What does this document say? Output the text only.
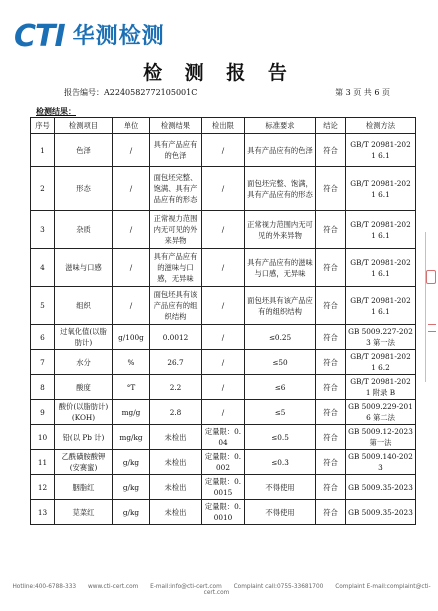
CTI 华测检测
检 测 报 告
报告编号：A2240582772105001C	第 3 页 共 6 页
检测结果：
序号	检测项目	单位	检测结果	检出限	标准要求	结论	检测方法
1	色泽	/	具有产品应有的色泽	/	具有产品应有的色泽	符合	GB/T 20981-2021 6.1
2	形态	/	面包坯完整、饱满、具有产品应有的形态	/	面包坯完整、饱满，具有产品应有的形态	符合	GB/T 20981-2021 6.1
3	杂质	/	正常视力范围内无可见的外来异物	/	正常视力范围内无可见的外来异物	符合	GB/T 20981-2021 6.1
4	滋味与口感	/	具有产品应有的滋味与口感，无异味	/	具有产品应有的滋味与口感，无异味	符合	GB/T 20981-2021 6.1
5	组织	/	面包坯具有该产品应有的组织结构	/	面包坯具有该产品应有的组织结构	符合	GB/T 20981-2021 6.1
6	过氧化值(以脂肪计)	g/100g	0.0012	/	≤0.25	符合	GB 5009.227-2023 第一法
7	水分	%	26.7	/	≤50	符合	GB/T 20981-2021 6.2
8	酸度	°T	2.2	/	≤6	符合	GB/T 20981-2021 附录 B
9	酸价(以脂肪计)(KOH)	mg/g	2.8	/	≤5	符合	GB 5009.229-2016 第二法
10	铅(以 Pb 计)	mg/kg	未检出	定量限：0.04	≤0.5	符合	GB 5009.12-2023 第一法
11	乙酰磺胺酸钾(安赛蜜)	g/kg	未检出	定量限：0.002	≤0.3	符合	GB 5009.140-2023
12	胭脂红	g/kg	未检出	定量限：0.0015	不得使用	符合	GB 5009.35-2023
13	苋菜红	g/kg	未检出	定量限：0.0010	不得使用	符合	GB 5009.35-2023
Hotline:400-6788-333 www.cti-cert.com E-mail:info@cti-cert.com Complaint call:0755-33681700 Complaint E-mail:complaint@cti-cert.com
